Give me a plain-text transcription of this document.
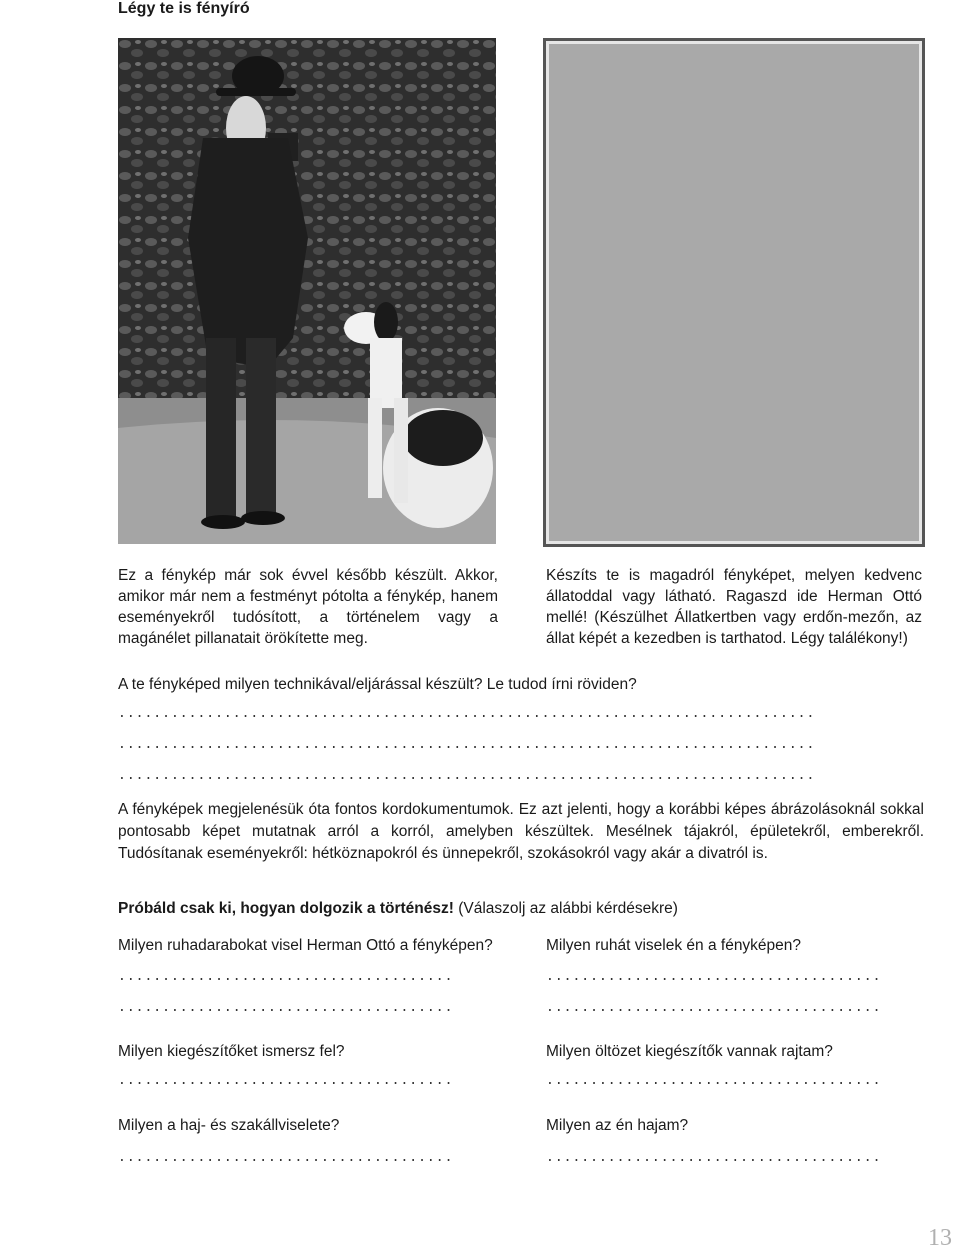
Légy te is fényíró
Ez a fénykép már sok évvel később készült. Akkor, amikor már nem a festményt pótolta a fénykép, hanem eseményekről tudósított, a történelem vagy a magánélet pillanatait örökítette meg.
Készíts te is magadról fényképet, melyen kedvenc állatoddal vagy látható. Ragaszd ide Herman Ottó mellé! (Készülhet Állatkertben vagy erdőn-mezőn, az állat képét a kezedben is tarthatod. Légy találékony!)
A te fényképed milyen technikával/eljárással készült? Le tudod írni röviden?
...............................................................................
...............................................................................
...............................................................................
A fényképek megjelenésük óta fontos kordokumentumok. Ez azt jelenti, hogy a korábbi képes ábrázolásoknál sokkal pontosabb képet mutatnak arról a korról, amelyben készültek. Mesélnek tájakról, épületekről, emberekről. Tudósítanak eseményekről: hétköznapokról és ünnepekről, szokásokról vagy akár a divatról is.
Próbáld csak ki, hogyan dolgozik a történész! (Válaszolj az alábbi kérdésekre)
Milyen ruhadarabokat visel Herman Ottó a fényképen?
......................................
......................................
Milyen kiegészítőket ismersz fel?
......................................
Milyen a haj- és szakállviselete?
......................................
Milyen ruhát viselek én a fényképen?
......................................
......................................
Milyen öltözet kiegészítők vannak rajtam?
......................................
Milyen az én hajam?
......................................
13
